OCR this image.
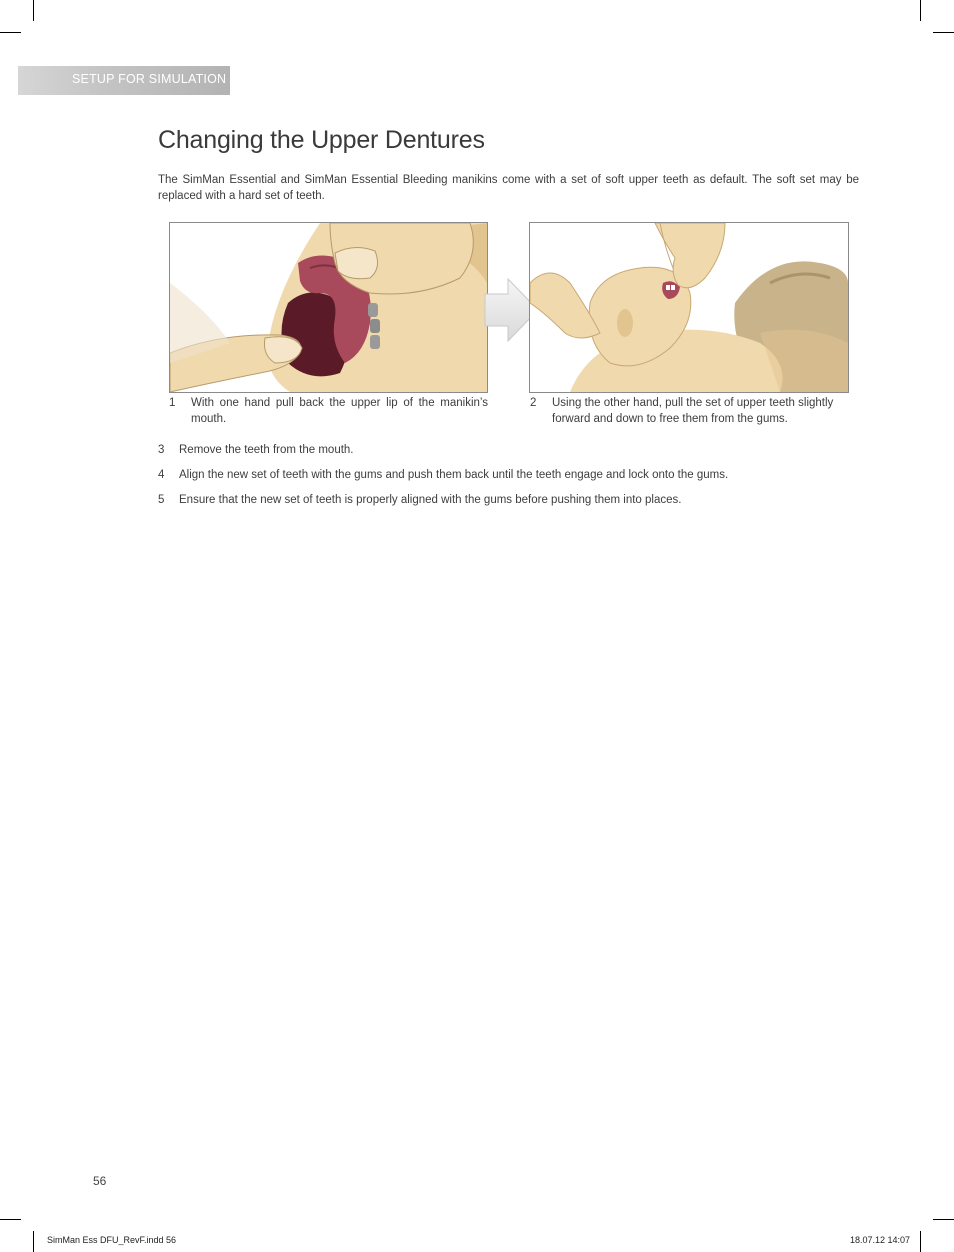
SETUP FOR SIMULATION
Changing the Upper Dentures

The SimMan Essential and SimMan Essential Bleeding manikins come with a set of soft upper teeth as default. The soft set may be replaced with a hard set of teeth.

1 With one hand pull back the upper lip of the manikin’s mouth.
2 Using the other hand, pull the set of upper teeth slightly forward and down to free them from the gums.
3 Remove the teeth from the mouth.
4 Align the new set of teeth with the gums and push them back until the teeth engage and lock onto the gums.
5 Ensure that the new set of teeth is properly aligned with the gums before pushing them into places.
56
SimMan Ess DFU_RevF.indd 56	18.07.12 14:07
